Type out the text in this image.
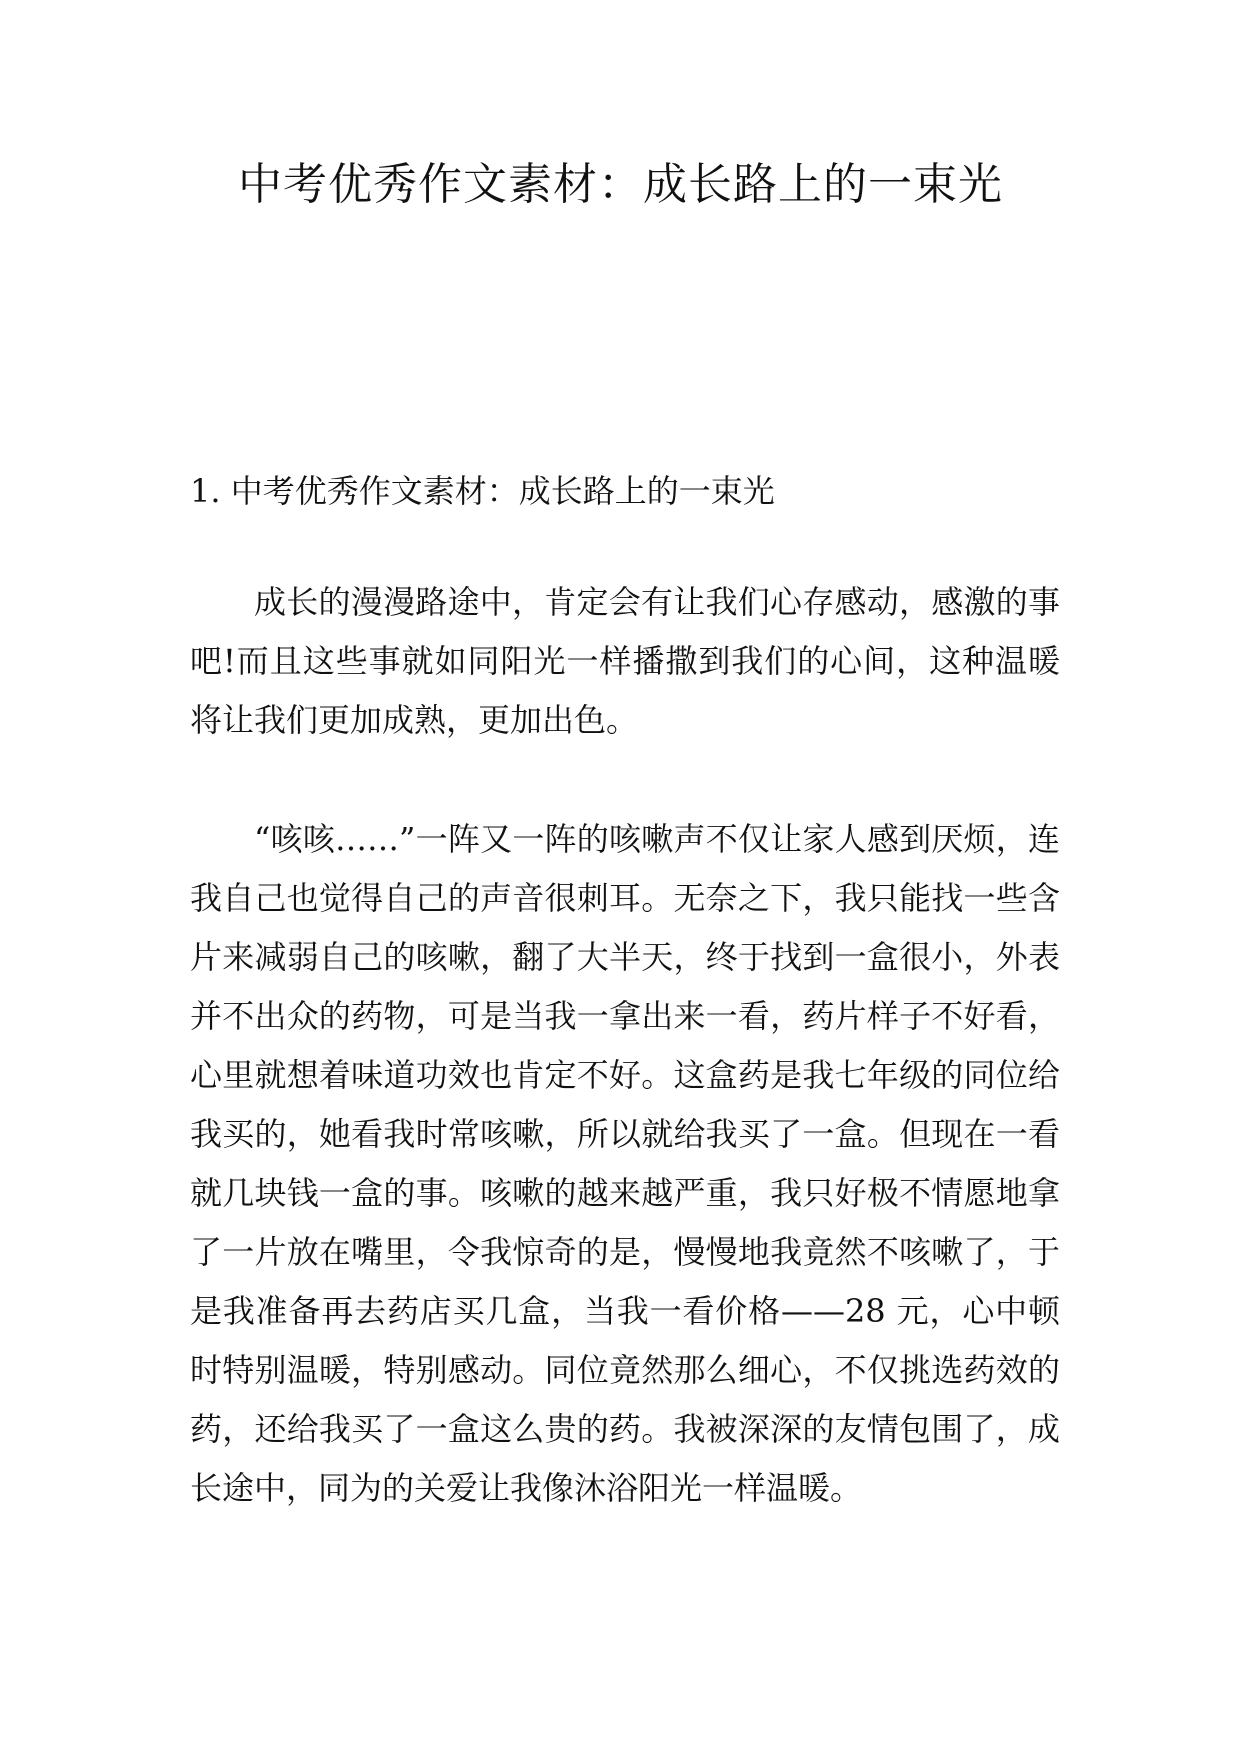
中考优秀作文素材：成长路上的一束光

1. 中考优秀作文素材：成长路上的一束光

成长的漫漫路途中，肯定会有让我们心存感动，感激的事吧!而且这些事就如同阳光一样播撒到我们的心间，这种温暖将让我们更加成熟，更加出色。

“咳咳……”一阵又一阵的咳嗽声不仅让家人感到厌烦，连我自己也觉得自己的声音很刺耳。无奈之下，我只能找一些含片来减弱自己的咳嗽，翻了大半天，终于找到一盒很小，外表并不出众的药物，可是当我一拿出来一看，药片样子不好看，心里就想着味道功效也肯定不好。这盒药是我七年级的同位给我买的，她看我时常咳嗽，所以就给我买了一盒。但现在一看就几块钱一盒的事。咳嗽的越来越严重，我只好极不情愿地拿了一片放在嘴里，令我惊奇的是，慢慢地我竟然不咳嗽了，于是我准备再去药店买几盒，当我一看价格——28 元，心中顿时特别温暖，特别感动。同位竟然那么细心，不仅挑选药效的药，还给我买了一盒这么贵的药。我被深深的友情包围了，成长途中，同为的关爱让我像沐浴阳光一样温暖。
